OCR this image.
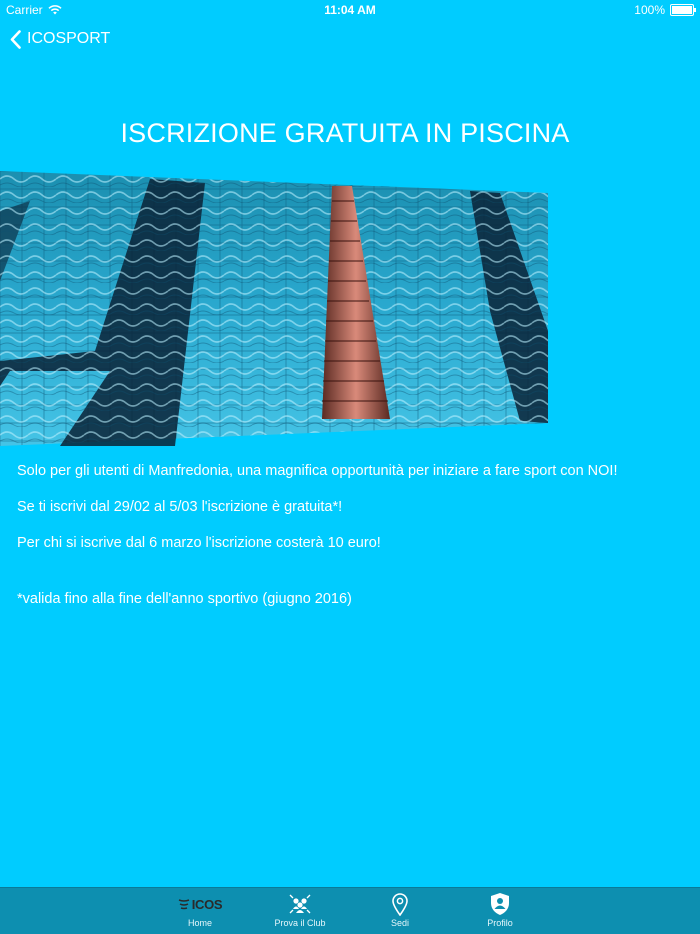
Carrier	11:04 AM	100%
ICOSPORT
ISCRIZIONE GRATUITA IN PISCINA

Solo per gli utenti di Manfredonia, una magnifica opportunità per iniziare a fare sport con NOI!

Se ti iscrivi dal 29/02 al 5/03 l'iscrizione è gratuita*!

Per chi si iscrive dal 6 marzo l'iscrizione costerà 10 euro!

*valida fino alla fine dell'anno sportivo (giugno 2016)

ICOS
Home	Prova il Club	Sedi	Profilo
